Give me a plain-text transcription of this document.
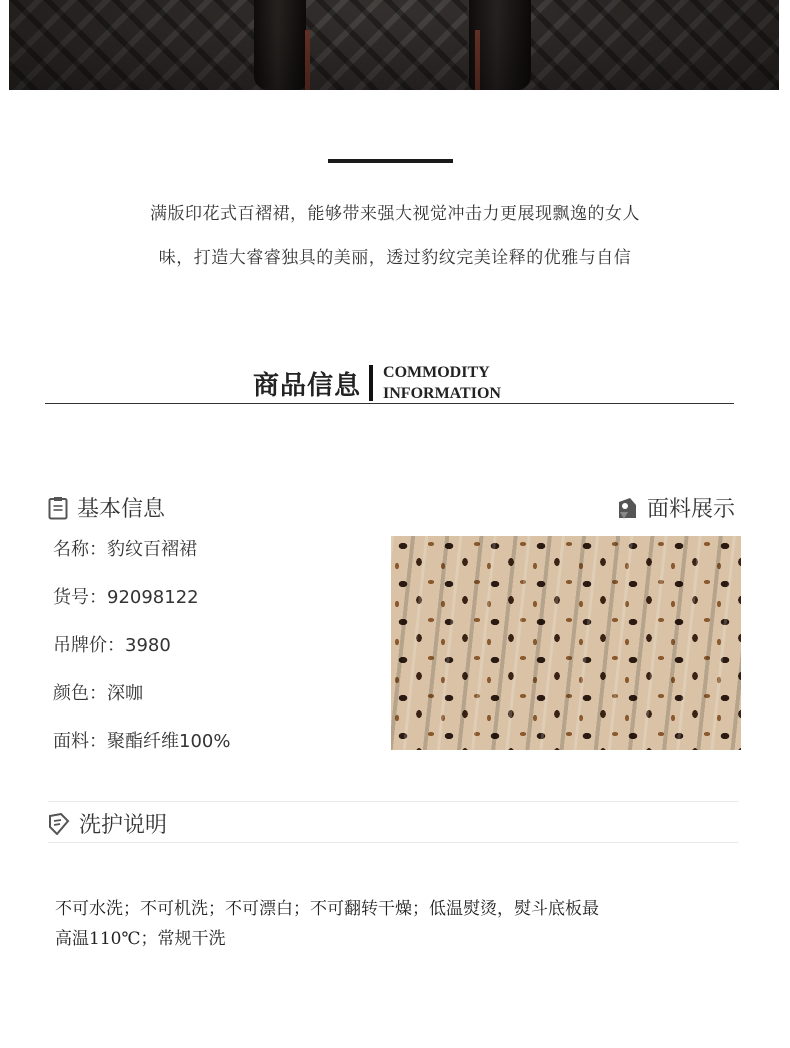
满版印花式百褶裙，能够带来强大视觉冲击力更展现飘逸的女人
味，打造大睿睿独具的美丽，透过豹纹完美诠释的优雅与自信
商品信息 COMMODITY
INFORMATION
基本信息	面料展示
名称：豹纹百褶裙
货号：92098122
吊牌价：3980
颜色：深咖
面料：聚酯纤维100%
洗护说明
不可水洗；不可机洗；不可漂白；不可翻转干燥；低温熨烫，熨斗底板最
高温110℃；常规干洗
